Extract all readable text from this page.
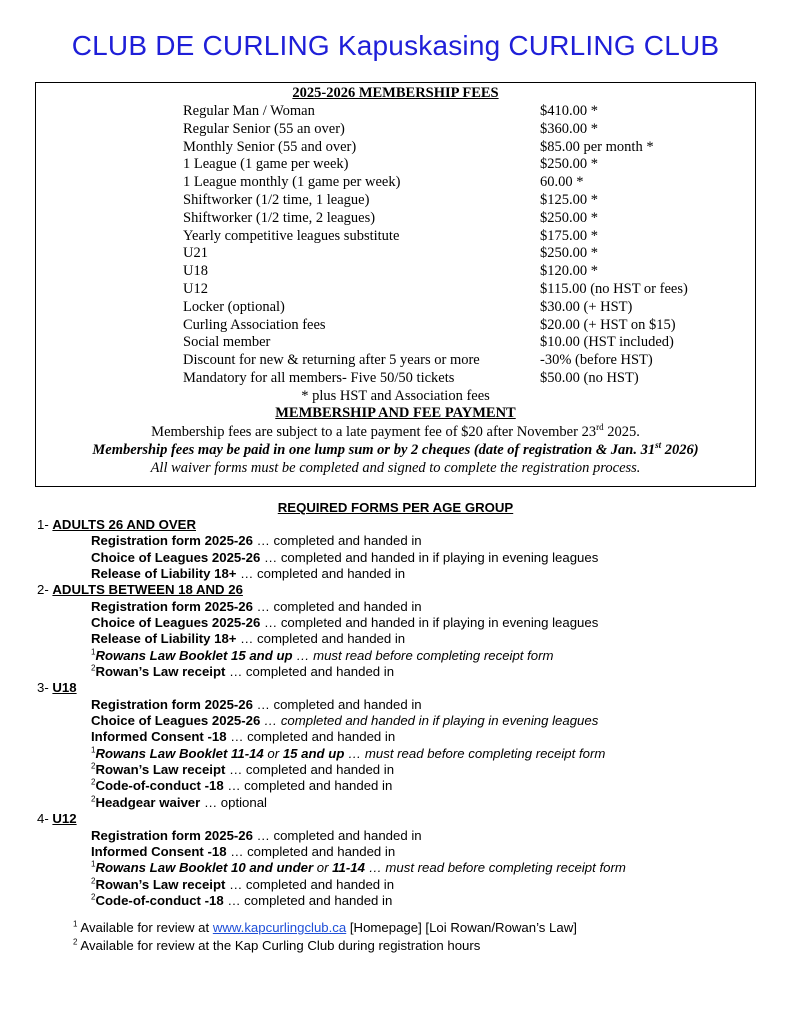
CLUB DE CURLING Kapuskasing CURLING CLUB
2025-2026 MEMBERSHIP FEES
Regular Man / Woman	$410.00 *
Regular Senior (55 an over)	$360.00 *
Monthly Senior (55 and over)	$85.00 per month *
1 League (1 game per week)	$250.00 *
1 League monthly (1 game per week)	60.00 *
Shiftworker (1/2 time, 1 league)	$125.00 *
Shiftworker (1/2 time, 2 leagues)	$250.00 *
Yearly competitive leagues substitute	$175.00 *
U21	$250.00 *
U18	$120.00 *
U12	$115.00 (no HST or fees)
Locker (optional)	$30.00 (+ HST)
Curling Association fees	$20.00 (+ HST on $15)
Social member	$10.00 (HST included)
Discount for new & returning after 5 years or more	-30% (before HST)
Mandatory for all members- Five 50/50 tickets	$50.00 (no HST)
* plus HST and Association fees
MEMBERSHIP AND FEE PAYMENT
Membership fees are subject to a late payment fee of $20 after November 23rd 2025.
Membership fees may be paid in one lump sum or by 2 cheques (date of registration & Jan. 31st 2026)
All waiver forms must be completed and signed to complete the registration process.
REQUIRED FORMS PER AGE GROUP
1- ADULTS 26 AND OVER
Registration form 2025-26 … completed and handed in
Choice of Leagues 2025-26 … completed and handed in if playing in evening leagues
Release of Liability 18+ … completed and handed in
2- ADULTS BETWEEN 18 AND 26
Registration form 2025-26 … completed and handed in
Choice of Leagues 2025-26 … completed and handed in if playing in evening leagues
Release of Liability 18+ … completed and handed in
$^1$Rowans Law Booklet 15 and up … must read before completing receipt form
$^2$Rowan’s Law receipt … completed and handed in
3- U18
Registration form 2025-26 … completed and handed in
Choice of Leagues 2025-26 … completed and handed in if playing in evening leagues
Informed Consent -18 … completed and handed in
$^1$Rowans Law Booklet 11-14 or 15 and up … must read before completing receipt form
$^2$Rowan’s Law receipt … completed and handed in
$^2$Code-of-conduct -18 … completed and handed in
$^2$Headgear waiver … optional
4- U12
Registration form 2025-26 … completed and handed in
Informed Consent -18 … completed and handed in
$^1$Rowans Law Booklet 10 and under or 11-14 … must read before completing receipt form
$^2$Rowan’s Law receipt … completed and handed in
$^2$Code-of-conduct -18 … completed and handed in
$^1$ Available for review at www.kapcurlingclub.ca [Homepage] [Loi Rowan/Rowan’s Law]
$^2$ Available for review at the Kap Curling Club during registration hours
